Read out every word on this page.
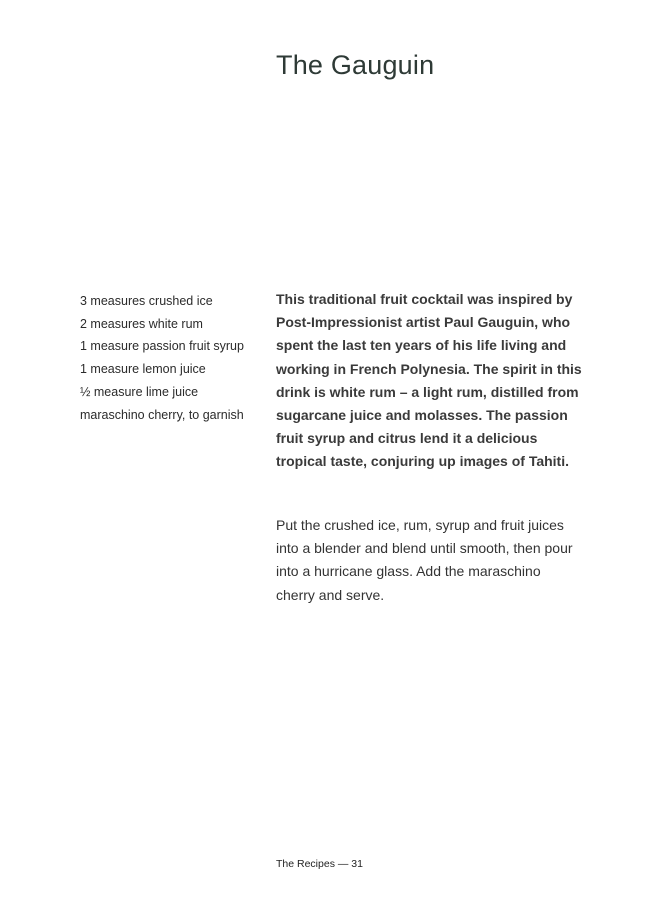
The Gauguin
3 measures crushed ice
2 measures white rum
1 measure passion fruit syrup
1 measure lemon juice
½ measure lime juice
maraschino cherry, to garnish

This traditional fruit cocktail was inspired by Post-Impressionist artist Paul Gauguin, who spent the last ten years of his life living and working in French Polynesia. The spirit in this drink is white rum – a light rum, distilled from sugarcane juice and molasses. The passion fruit syrup and citrus lend it a delicious tropical taste, conjuring up images of Tahiti.

Put the crushed ice, rum, syrup and fruit juices into a blender and blend until smooth, then pour into a hurricane glass. Add the maraschino cherry and serve.

The Recipes — 31
